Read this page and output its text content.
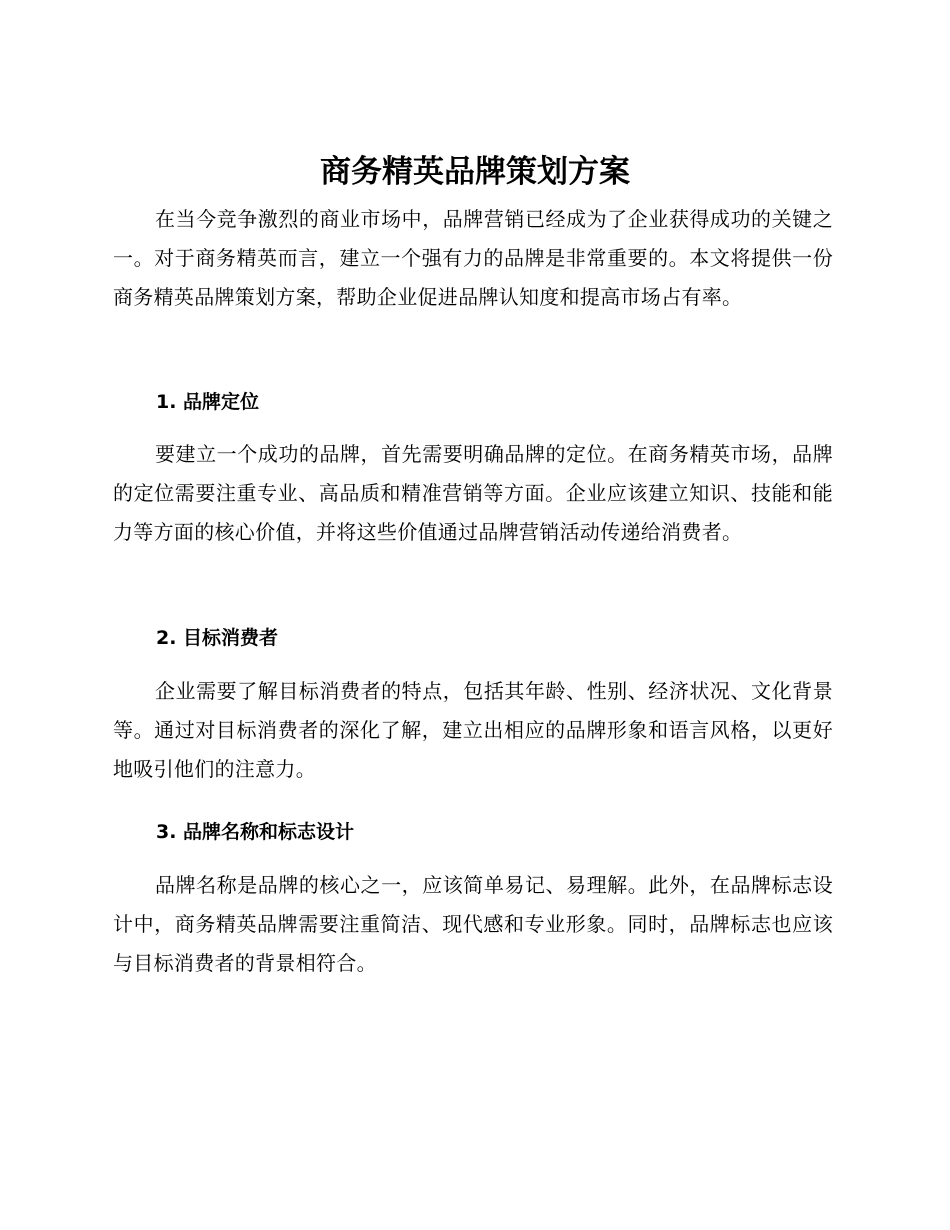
商务精英品牌策划方案

在当今竞争激烈的商业市场中，品牌营销已经成为了企业获得成功的关键之一。对于商务精英而言，建立一个强有力的品牌是非常重要的。本文将提供一份商务精英品牌策划方案，帮助企业促进品牌认知度和提高市场占有率。

1. 品牌定位

要建立一个成功的品牌，首先需要明确品牌的定位。在商务精英市场，品牌的定位需要注重专业、高品质和精准营销等方面。企业应该建立知识、技能和能力等方面的核心价值，并将这些价值通过品牌营销活动传递给消费者。

2. 目标消费者

企业需要了解目标消费者的特点，包括其年龄、性别、经济状况、文化背景等。通过对目标消费者的深化了解，建立出相应的品牌形象和语言风格，以更好地吸引他们的注意力。

3. 品牌名称和标志设计

品牌名称是品牌的核心之一，应该简单易记、易理解。此外，在品牌标志设计中，商务精英品牌需要注重简洁、现代感和专业形象。同时，品牌标志也应该与目标消费者的背景相符合。
